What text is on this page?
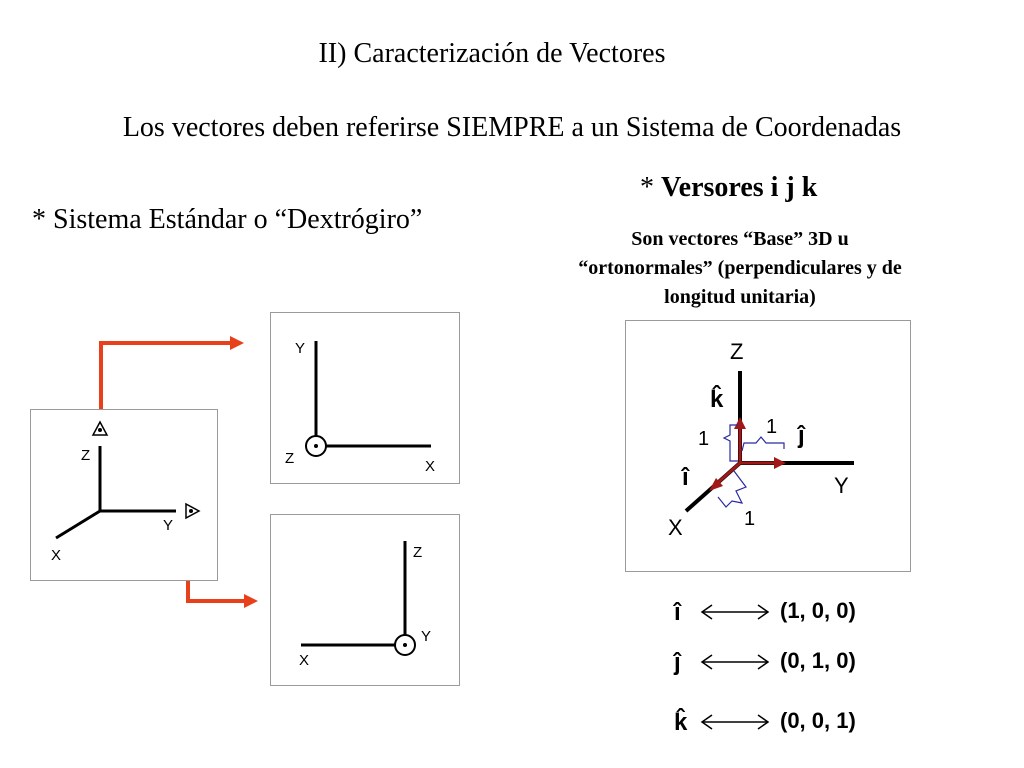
II) Caracterización de Vectores
Los vectores deben referirse SIEMPRE a un Sistema de Coordenadas
* Sistema Estándar o “Dextrógiro”
* Versores i j k
Son vectores “Base” 3D u
“ortonormales” (perpendiculares y de
longitud unitaria)
Z
Y
X
Y
Z	X
Z
Y
X
Z
Y
X
k̂
ĵ
î
1
1
1
î	(1, 0, 0)
ĵ	(0, 1, 0)
k̂	(0, 0, 1)
